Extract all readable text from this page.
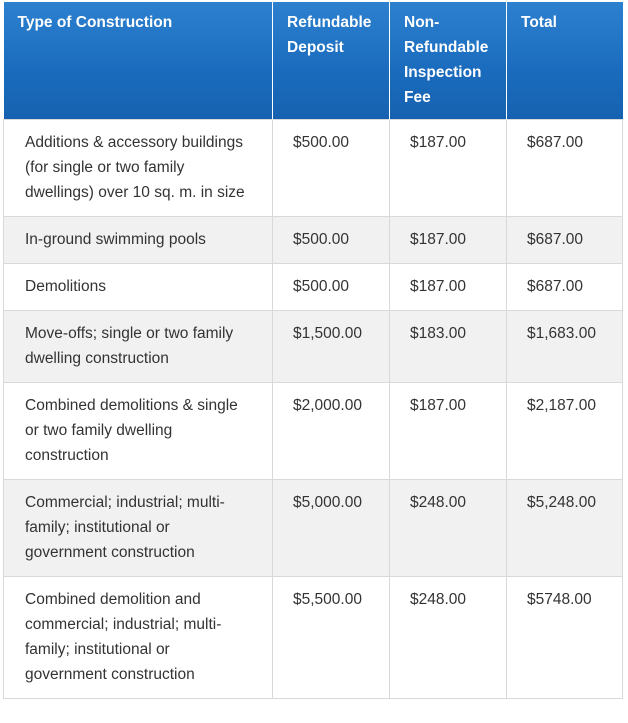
Type of Construction	Refundable Deposit	Non-Refundable Inspection Fee	Total
Additions & accessory buildings (for single or two family dwellings) over 10 sq. m. in size	$500.00	$187.00	$687.00
In-ground swimming pools	$500.00	$187.00	$687.00
Demolitions	$500.00	$187.00	$687.00
Move-offs; single or two family dwelling construction	$1,500.00	$183.00	$1,683.00
Combined demolitions & single or two family dwelling construction	$2,000.00	$187.00	$2,187.00
Commercial; industrial; multi-family; institutional or government construction	$5,000.00	$248.00	$5,248.00
Combined demolition and commercial; industrial; multi-family; institutional or government construction	$5,500.00	$248.00	$5748.00
